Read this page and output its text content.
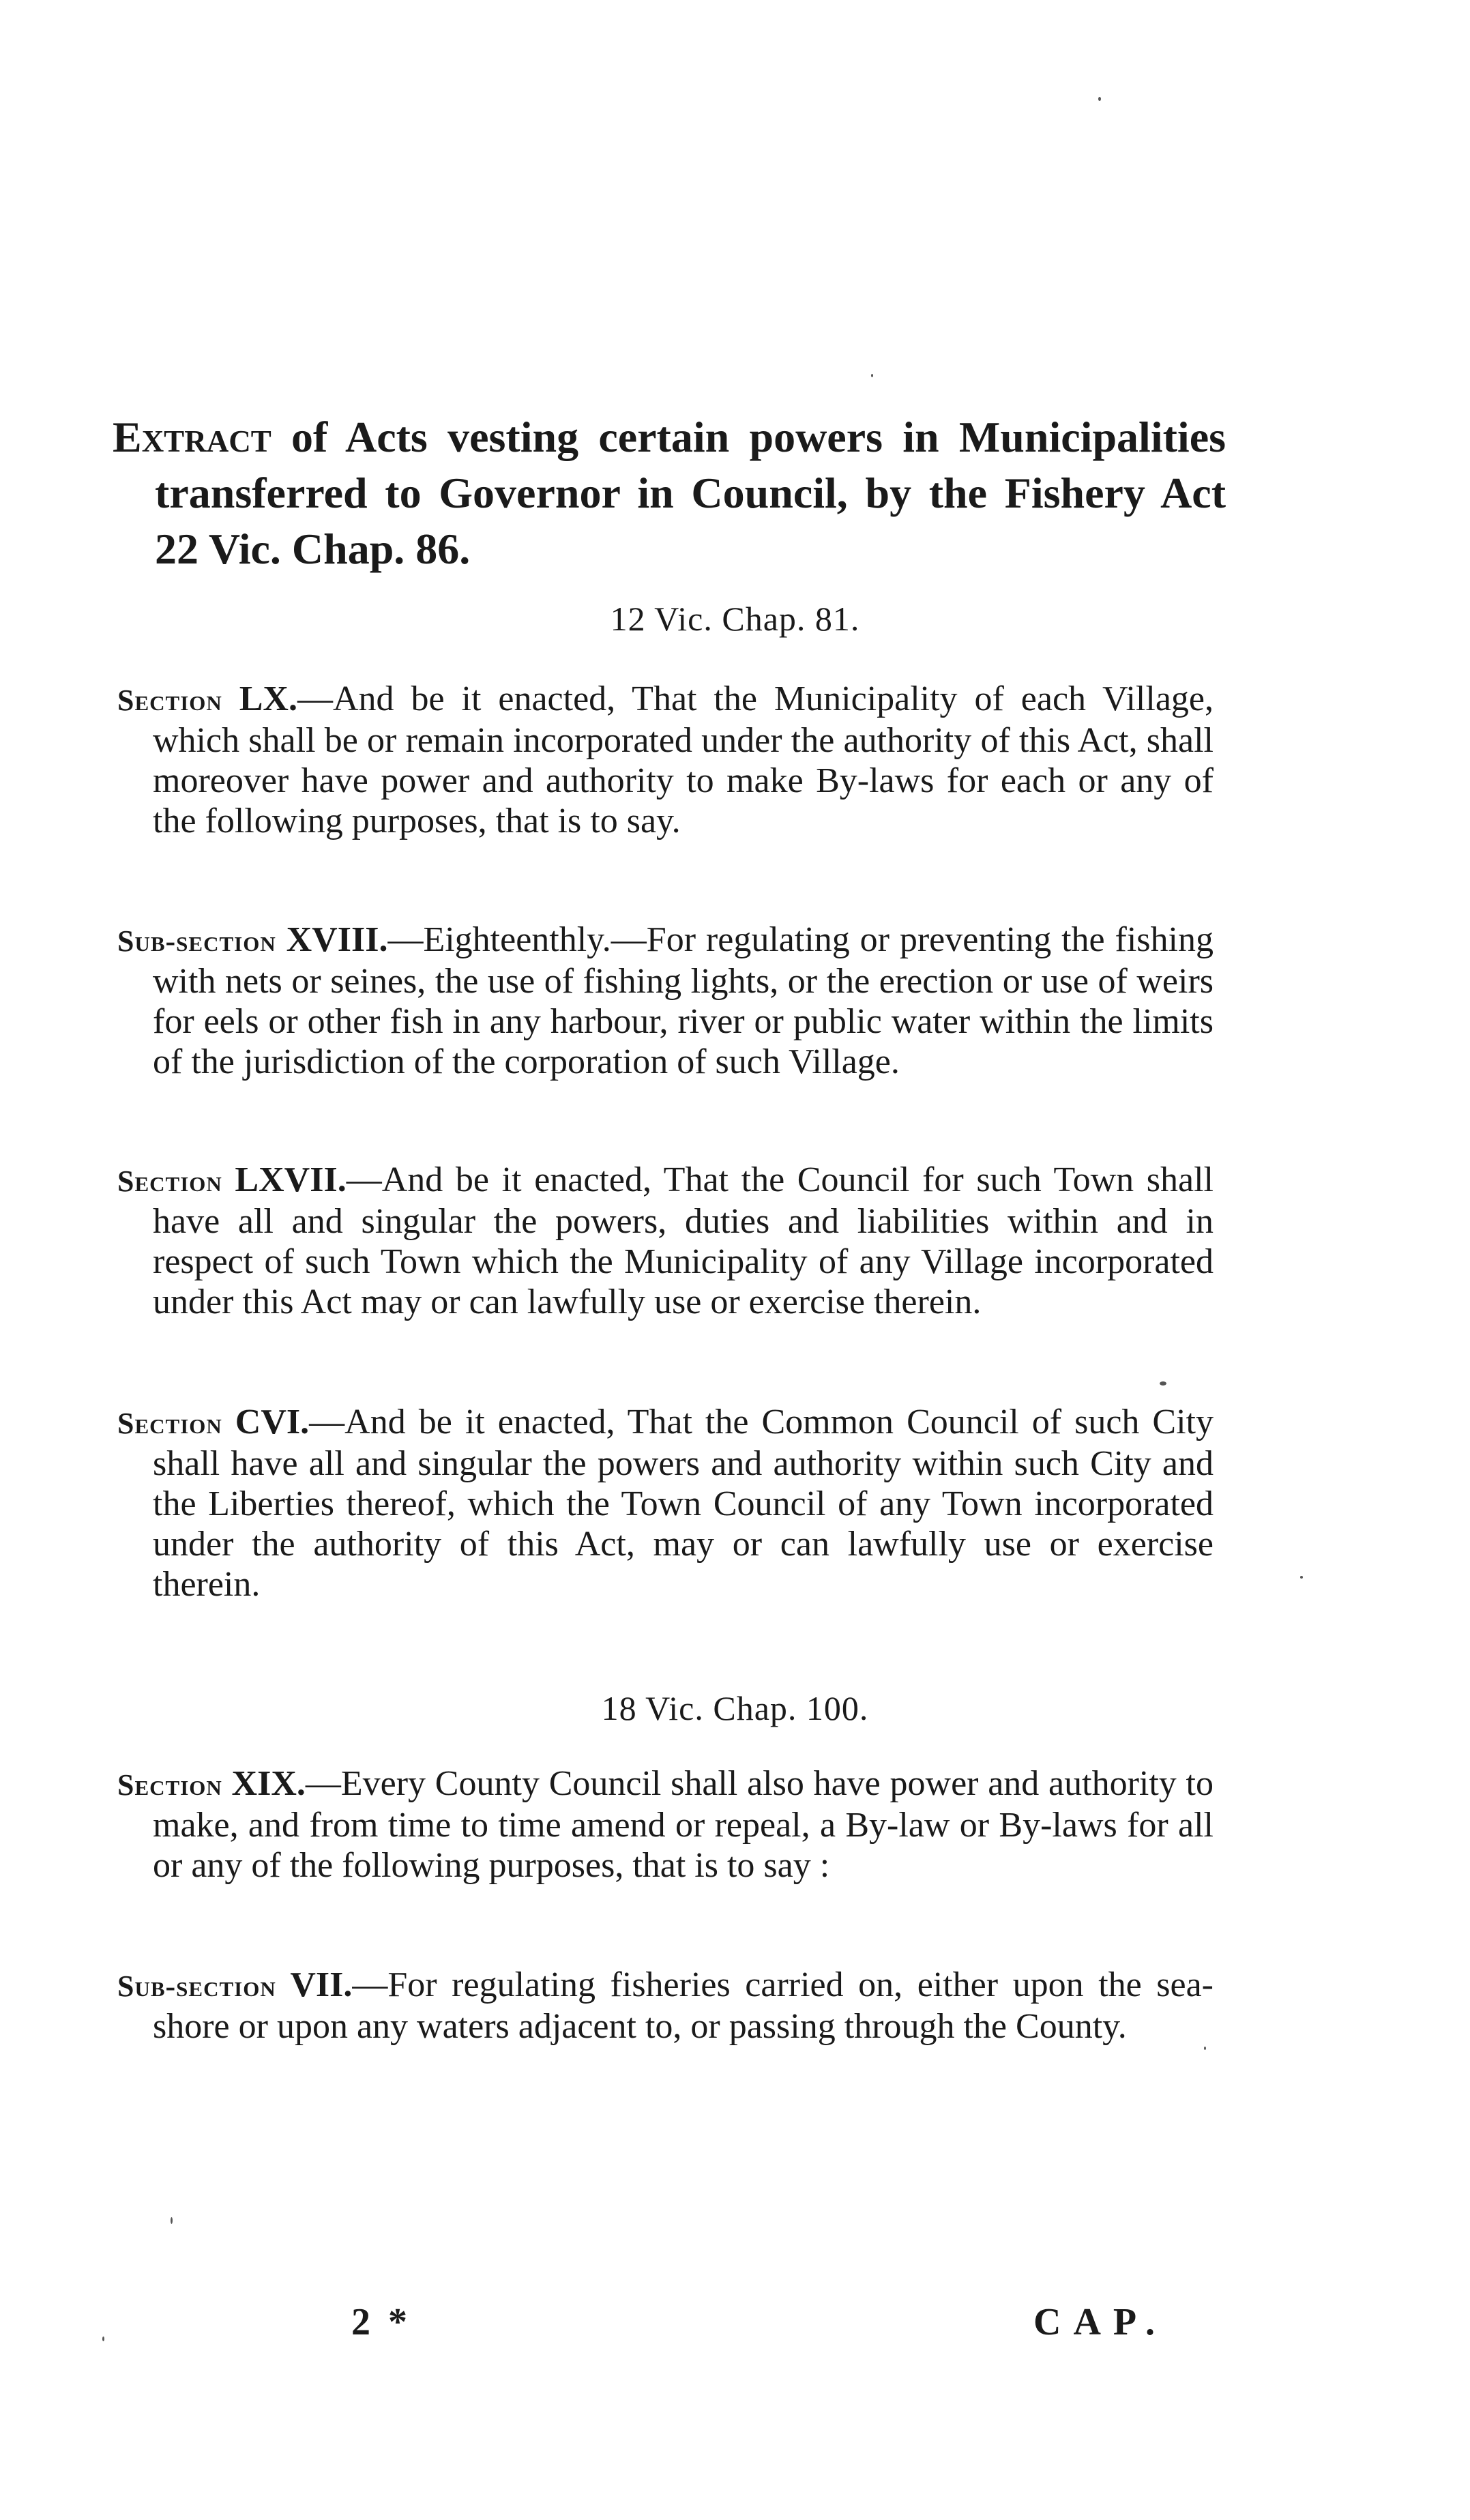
Extract of Acts vesting certain powers in Municipalities transferred to Governor in Council, by the Fishery Act 22 Vic. Chap. 86.
12 Vic. Chap. 81.
Section LX.—And be it enacted, That the Municipality of each Village, which shall be or remain incorporated under the authority of this Act, shall moreover have power and authority to make By-laws for each or any of the following purposes, that is to say.
Sub-section XVIII.—Eighteenthly.—For regulating or preventing the fishing with nets or seines, the use of fishing lights, or the erection or use of weirs for eels or other fish in any harbour, river or public water within the limits of the jurisdiction of the corporation of such Village.
Section LXVII.—And be it enacted, That the Council for such Town shall have all and singular the powers, duties and liabilities within and in respect of such Town which the Municipality of any Village incorporated under this Act may or can lawfully use or exercise therein.
Section CVI.—And be it enacted, That the Common Council of such City shall have all and singular the powers and authority within such City and the Liberties thereof, which the Town Council of any Town incorporated under the authority of this Act, may or can lawfully use or exercise therein.
18 Vic. Chap. 100.
Section XIX.—Every County Council shall also have power and authority to make, and from time to time amend or repeal, a By-law or By-laws for all or any of the following purposes, that is to say :
Sub-section VII.—For regulating fisheries carried on, either upon the sea-shore or upon any waters adjacent to, or passing through the County.
2 *	CAP.
